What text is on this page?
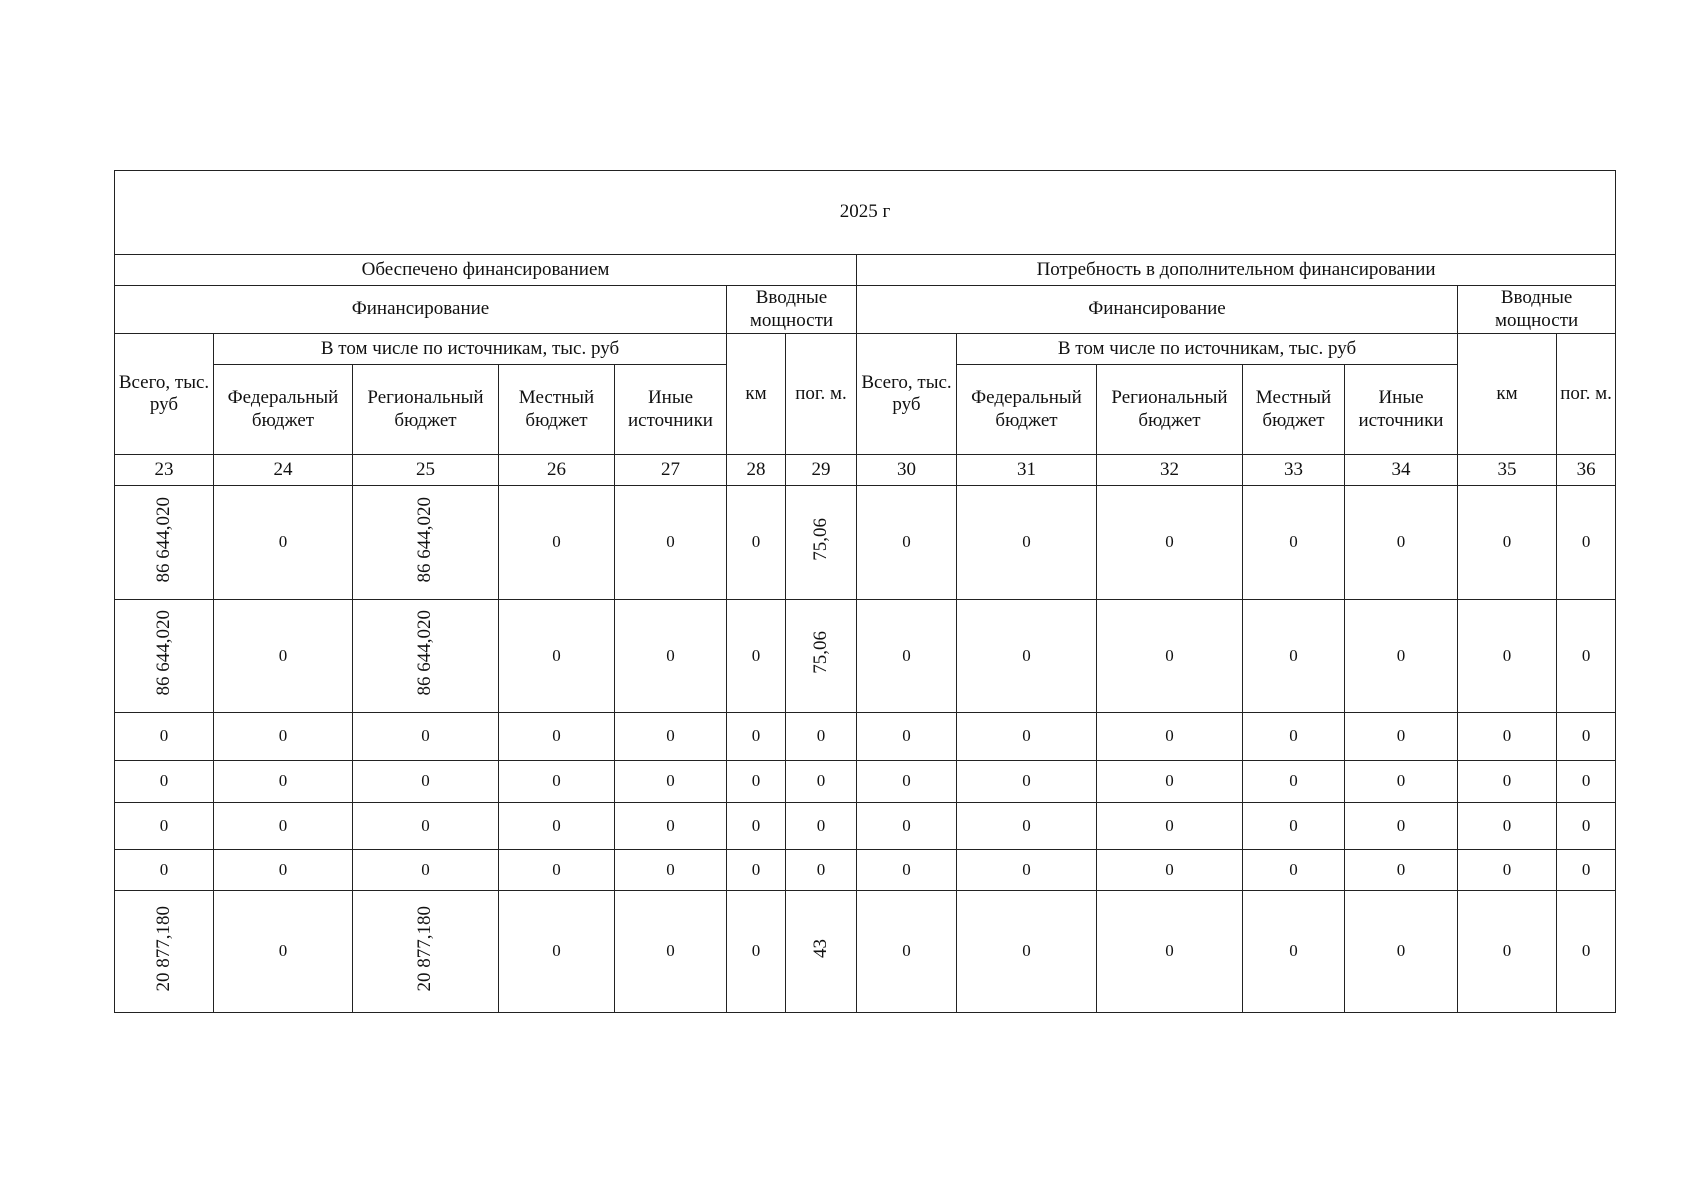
2025 г													
Обеспечено финансированием							Потребность в дополнительном финансировании						
Финансирование					Вводные мощности		Финансирование					Вводные мощности	
Всего, тыс. руб	В том числе по источникам, тыс. руб				км	пог. м.	Всего, тыс. руб	В том числе по источникам, тыс. руб				км	пог. м.
	Федеральный бюджет	Региональный бюджет	Местный бюджет	Иные источники				Федеральный бюджет	Региональный бюджет	Местный бюджет	Иные источники		
23	24	25	26	27	28	29	30	31	32	33	34	35	36
86 644,020	0	86 644,020	0	0	0	75,06	0	0	0	0	0	0	0
86 644,020	0	86 644,020	0	0	0	75,06	0	0	0	0	0	0	0
0	0	0	0	0	0	0	0	0	0	0	0	0	0
0	0	0	0	0	0	0	0	0	0	0	0	0	0
0	0	0	0	0	0	0	0	0	0	0	0	0	0
0	0	0	0	0	0	0	0	0	0	0	0	0	0
20 877,180	0	20 877,180	0	0	0	43	0	0	0	0	0	0	0
